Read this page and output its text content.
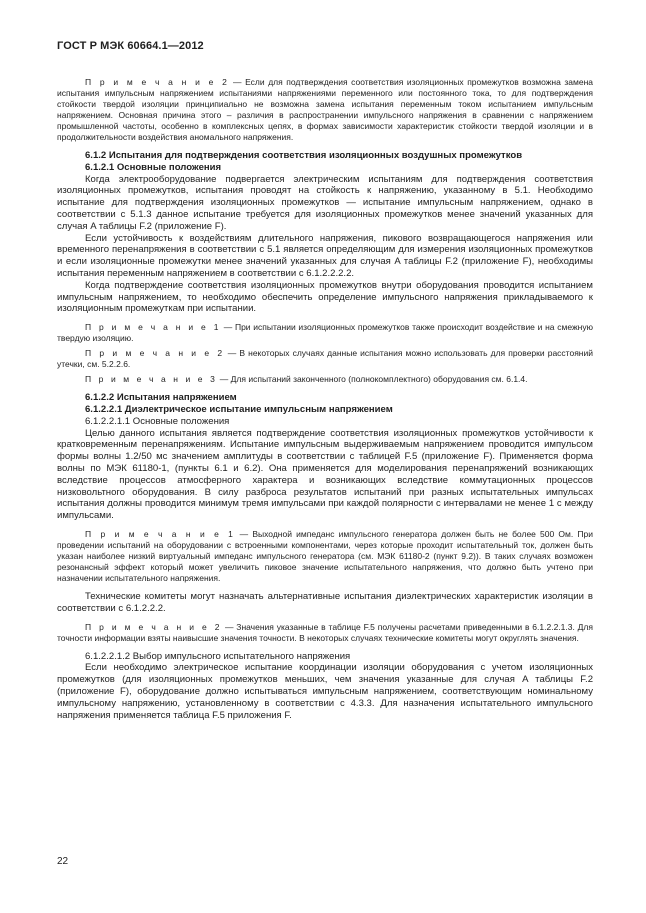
ГОСТ Р МЭК 60664.1—2012

П р и м е ч а н и е 2 — Если для подтверждения соответствия изоляционных промежутков возможна замена испытания импульсным напряжением испытаниями напряжениями переменного или постоянного тока, то для подтверждения стойкости твердой изоляции принципиально не возможна замена испытания переменным током испытанием импульсным напряжением. Основная причина этого – различия в распространении импульсного напряжения в сравнении с напряжением промышленной частоты, особенно в комплексных цепях, в формах зависимости характеристик стойкости твердой изоляции и в продолжительности воздействия аномального напряжения.

6.1.2 Испытания для подтверждения соответствия изоляционных воздушных промежутков

6.1.2.1 Основные положения

Когда электрооборудование подвергается электрическим испытаниям для подтверждения соответствия изоляционных промежутков, испытания проводят на стойкость к напряжению, указанному в 5.1. Необходимо испытание для подтверждения изоляционных промежутков — испытание импульсным напряжением, однако в соответствии с 5.1.3 данное испытание требуется для изоляционных промежутков менее значений указанных для случая A таблицы F.2 (приложение F).

Если устойчивость к воздействиям длительного напряжения, пикового возвращающегося напряжения или временного перенапряжения в соответствии с 5.1 является определяющим для измерения изоляционных промежутков и если изоляционные промежутки менее значений указанных для случая A таблицы F.2 (приложение F), необходимы испытания переменным напряжением в соответствии с 6.1.2.2.2.2.

Когда подтверждение соответствия изоляционных промежутков внутри оборудования проводится испытанием импульсным напряжением, то необходимо обеспечить определение импульсного напряжения прикладываемого к изоляционным промежуткам при испытании.

П р и м е ч а н и е 1 — При испытании изоляционных промежутков также происходит воздействие и на смежную твердую изоляцию.

П р и м е ч а н и е 2 — В некоторых случаях данные испытания можно использовать для проверки расстояний утечки, см. 5.2.2.6.

П р и м е ч а н и е 3 — Для испытаний законченного (полнокомплектного) оборудования см. 6.1.4.

6.1.2.2 Испытания напряжением

6.1.2.2.1 Диэлектрическое испытание импульсным напряжением

6.1.2.2.1.1 Основные положения

Целью данного испытания является подтверждение соответствия изоляционных промежутков устойчивости к кратковременным перенапряжениям. Испытание импульсным выдерживаемым напряжением проводится импульсом формы волны 1.2/50 мс значением амплитуды в соответствии с таблицей F.5 (приложение F). Применяется форма волны по МЭК 61180-1, (пункты 6.1 и 6.2). Она применяется для моделирования перенапряжений возникающих вследствие процессов атмосферного характера и возникающих вследствие коммутационных процессов низковольтного оборудования. В силу разброса результатов испытаний при разных испытательных импульсах испытания должны проводится минимум тремя импульсами при каждой полярности с интервалами не менее 1 с между импульсами.

П р и м е ч а н и е 1 — Выходной импеданс импульсного генератора должен быть не более 500 Ом. При проведении испытаний на оборудовании с встроенными компонентами, через которые проходит испытательный ток, должен быть указан наиболее низкий виртуальный импеданс импульсного генератора (см. МЭК 61180-2 (пункт 9.2)). В таких случаях возможен резонансный эффект который может увеличить пиковое значение испытательного напряжения, что должно быть учтено при назначении испытательного напряжения.

Технические комитеты могут назначать альтернативные испытания диэлектрических характеристик изоляции в соответствии с 6.1.2.2.2.

П р и м е ч а н и е 2 — Значения указанные в таблице F.5 получены расчетами приведенными в 6.1.2.2.1.3. Для точности информации взяты наивысшие значения точности. В некоторых случаях технические комитеты могут округлять значения.

6.1.2.2.1.2 Выбор импульсного испытательного напряжения

Если необходимо электрическое испытание координации изоляции оборудования с учетом изоляционных промежутков (для изоляционных промежутков меньших, чем значения указанные для случая A таблицы F.2 (приложение F), оборудование должно испытываться импульсным напряжением, соответствующим номинальному импульсному напряжению, установленному в соответствии с 4.3.3. Для назначения испытательного импульсного напряжения применяется таблица F.5 приложения F.

22
